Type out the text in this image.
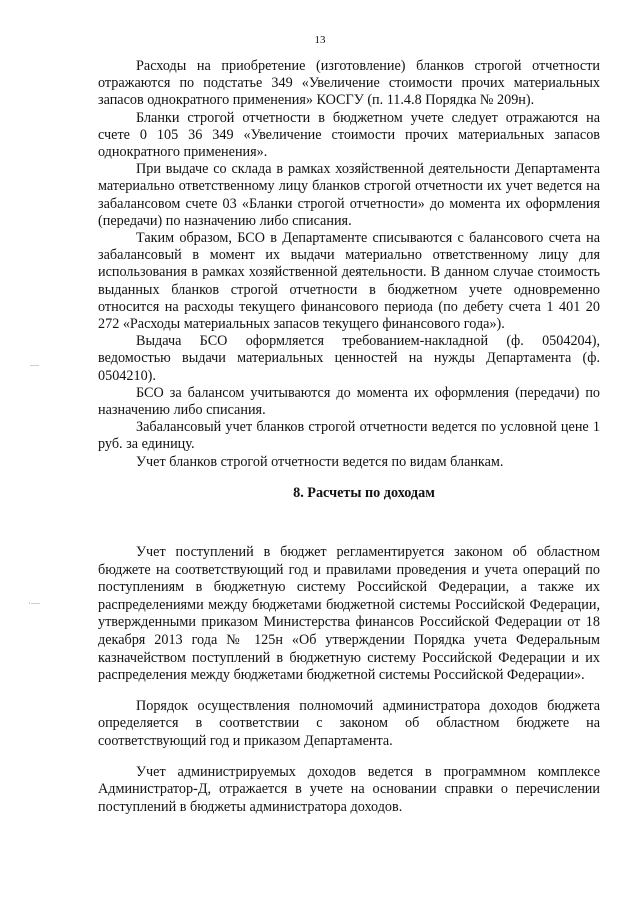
13
—
·—

Расходы на приобретение (изготовление) бланков строгой отчетности отражаются по подстатье 349 «Увеличение стоимости прочих материальных запасов однократного применения» КОСГУ (п. 11.4.8 Порядка № 209н).

Бланки строгой отчетности в бюджетном учете следует отражаются на счете 0 105 36 349 «Увеличение стоимости прочих материальных запасов однократного применения».

При выдаче со склада в рамках хозяйственной деятельности Департамента материально ответственному лицу бланков строгой отчетности их учет ведется на забалансовом счете 03 «Бланки строгой отчетности» до момента их оформления (передачи) по назначению либо списания.

Таким образом, БСО в Департаменте списываются с балансового счета на забалансовый в момент их выдачи материально ответственному лицу для использования в рамках хозяйственной деятельности. В данном случае стоимость выданных бланков строгой отчетности в бюджетном учете одновременно относится на расходы текущего финансового периода (по дебету счета 1 401 20 272 «Расходы материальных запасов текущего финансового года»).

Выдача БСО оформляется требованием-накладной (ф. 0504204), ведомостью выдачи материальных ценностей на нужды Департамента (ф. 0504210).

БСО за балансом учитываются до момента их оформления (передачи) по назначению либо списания.

Забалансовый учет бланков строгой отчетности ведется по условной цене 1 руб. за единицу.

Учет бланков строгой отчетности ведется по видам бланкам.

8. Расчеты по доходам

Учет поступлений в бюджет регламентируется законом об областном бюджете на соответствующий год и правилами проведения и учета операций по поступлениям в бюджетную систему Российской Федерации, а также их распределениями между бюджетами бюджетной системы Российской Федерации, утвержденными приказом Министерства финансов Российской Федерации от 18 декабря 2013 года № 125н «Об утверждении Порядка учета Федеральным казначейством поступлений в бюджетную систему Российской Федерации и их распределения между бюджетами бюджетной системы Российской Федерации».

Порядок осуществления полномочий администратора доходов бюджета определяется в соответствии с законом об областном бюджете на соответствующий год и приказом Департамента.

Учет администрируемых доходов ведется в программном комплексе Администратор-Д, отражается в учете на основании справки о перечислении поступлений в бюджеты администратора доходов.
